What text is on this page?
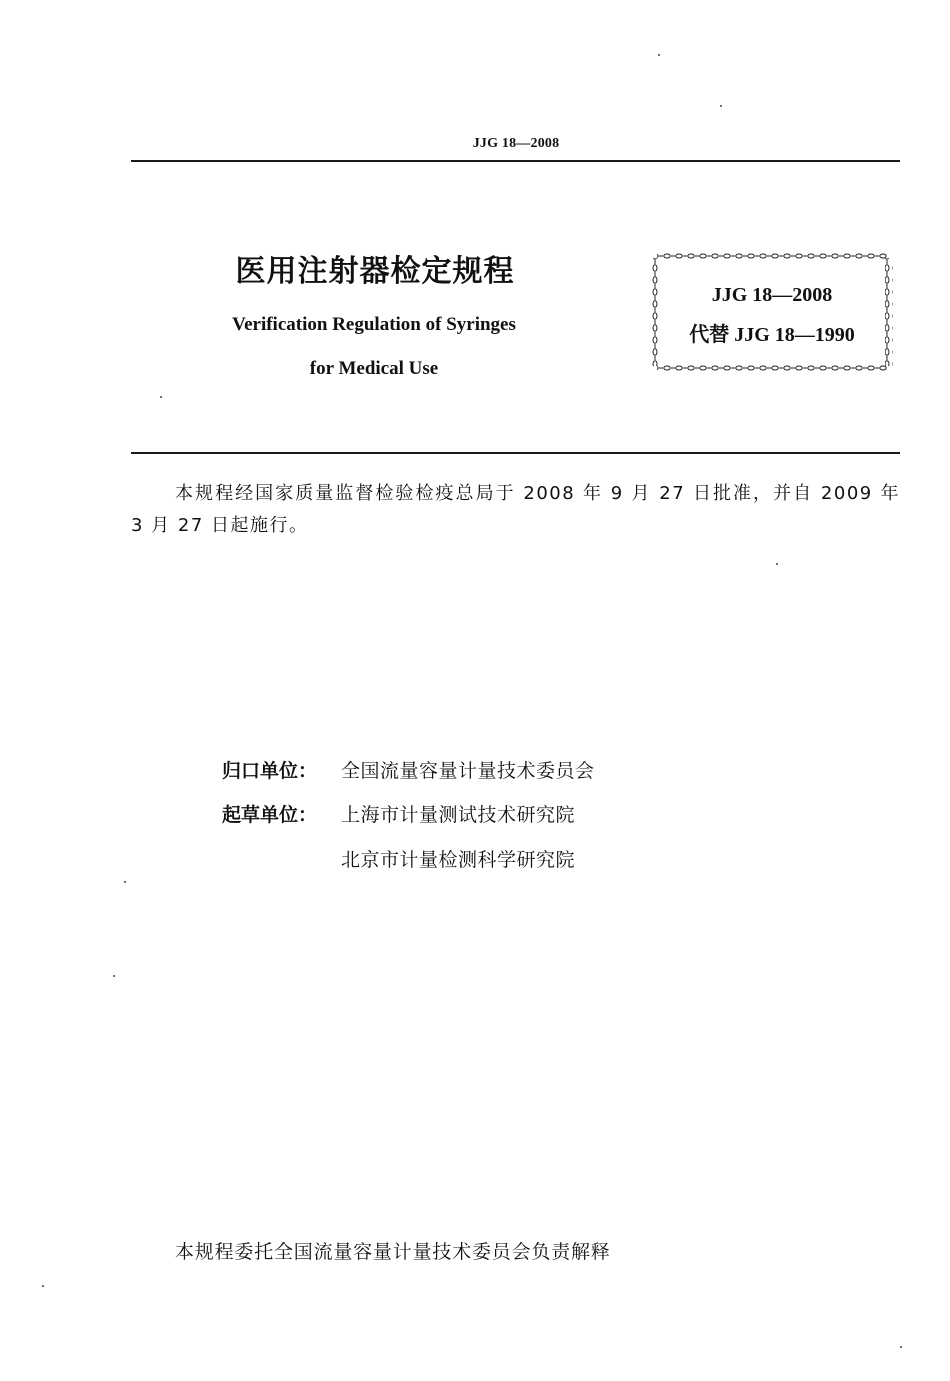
JJG 18—2008
医用注射器检定规程
Verification Regulation of Syringes
for Medical Use
JJG 18—2008
代替 JJG 18—1990
本规程经国家质量监督检验检疫总局于 2008 年 9 月 27 日批准，并自 2009 年 3 月 27 日起施行。
归口单位： 全国流量容量计量技术委员会
起草单位： 上海市计量测试技术研究院
北京市计量检测科学研究院
本规程委托全国流量容量计量技术委员会负责解释
